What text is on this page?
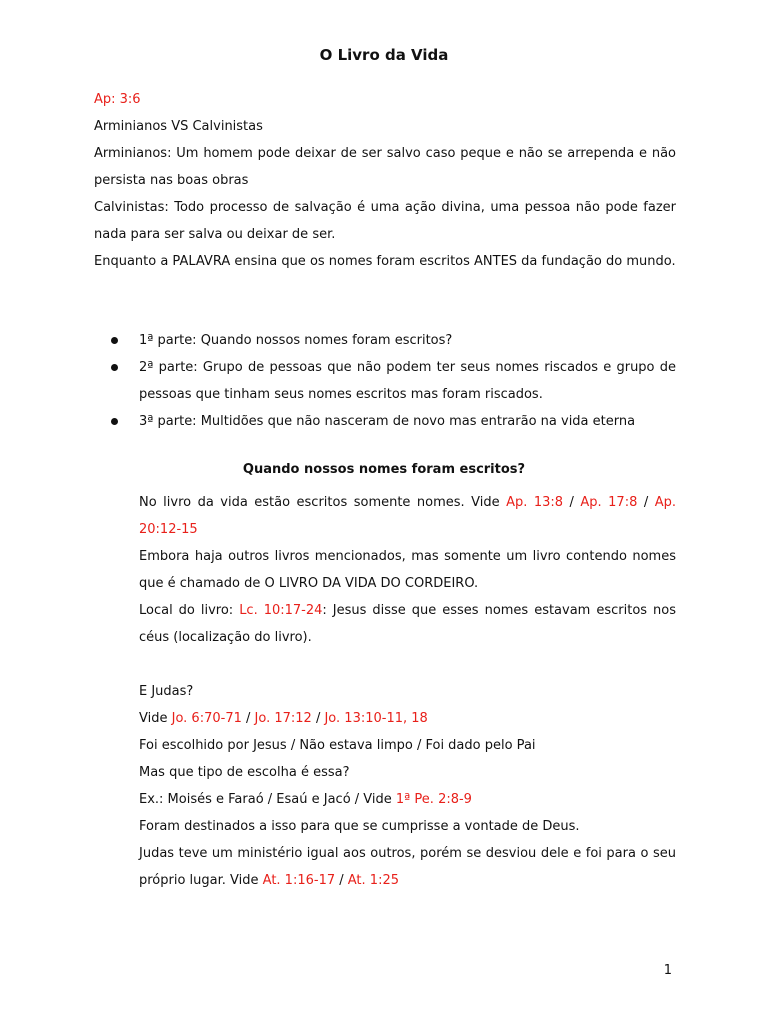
O Livro da Vida
Ap: 3:6
Arminianos VS Calvinistas
Arminianos: Um homem pode deixar de ser salvo caso peque e não se arrependa e não persista nas boas obras
Calvinistas: Todo processo de salvação é uma ação divina, uma pessoa não pode fazer nada para ser salva ou deixar de ser.
Enquanto a PALAVRA ensina que os nomes foram escritos ANTES da fundação do mundo.
1ª parte: Quando nossos nomes foram escritos?
2ª parte: Grupo de pessoas que não podem ter seus nomes riscados e grupo de pessoas que tinham seus nomes escritos mas foram riscados.
3ª parte: Multidões que não nasceram de novo mas entrarão na vida eterna
Quando nossos nomes foram escritos?
No livro da vida estão escritos somente nomes. Vide Ap. 13:8 / Ap. 17:8 / Ap. 20:12-15
Embora haja outros livros mencionados, mas somente um livro contendo nomes que é chamado de O LIVRO DA VIDA DO CORDEIRO.
Local do livro: Lc. 10:17-24: Jesus disse que esses nomes estavam escritos nos céus (localização do livro).
E Judas?
Vide Jo. 6:70-71 / Jo. 17:12 / Jo. 13:10-11, 18
Foi escolhido por Jesus / Não estava limpo / Foi dado pelo Pai
Mas que tipo de escolha é essa?
Ex.: Moisés e Faraó / Esaú e Jacó / Vide 1ª Pe. 2:8-9
Foram destinados a isso para que se cumprisse a vontade de Deus.
Judas teve um ministério igual aos outros, porém se desviou dele e foi para o seu próprio lugar. Vide At. 1:16-17 / At. 1:25
1
